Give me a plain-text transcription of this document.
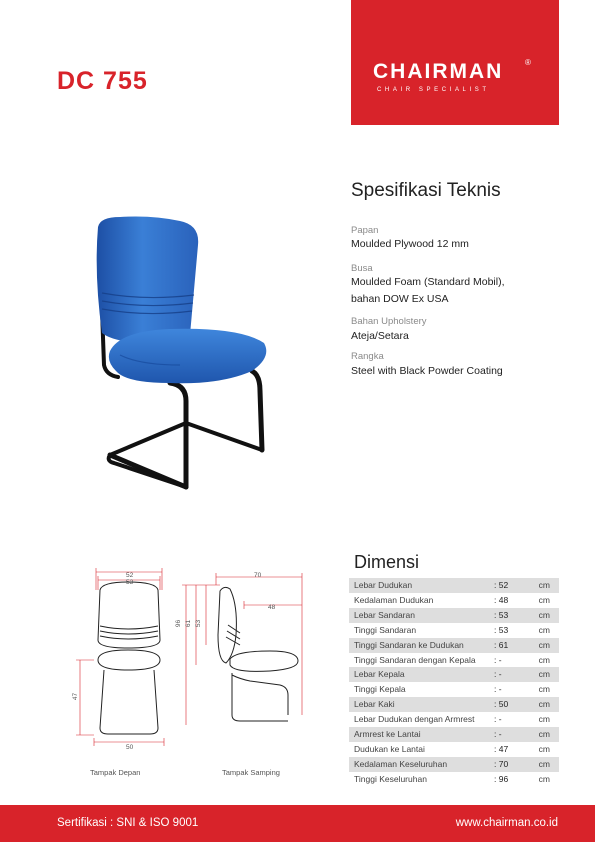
CHAIRMAN	®
CHAIR SPECIALIST
DC 755
Spesifikasi Teknis
Papan
Moulded Plywood 12 mm
Busa
Moulded Foam (Standard Mobil),
bahan DOW Ex USA
Bahan Upholstery
Ateja/Setara
Rangka
Steel with Black Powder Coating
52
53
47
50
Tampak Depan
70
48
96 61 53
Tampak Samping
Dimensi
Lebar Dudukan	: 52	cm
Kedalaman Dudukan	: 48	cm
Lebar Sandaran	: 53	cm
Tinggi Sandaran	: 53	cm
Tinggi Sandaran ke Dudukan	: 61	cm
Tinggi Sandaran dengan Kepala	: -	cm
Lebar Kepala	: -	cm
Tinggi Kepala	: -	cm
Lebar Kaki	: 50	cm
Lebar Dudukan dengan Armrest	: -	cm
Armrest ke Lantai	: -	cm
Dudukan ke Lantai	: 47	cm
Kedalaman Keseluruhan	: 70	cm
Tinggi Keseluruhan	: 96	cm
Sertifikasi : SNI & ISO 9001	www.chairman.co.id
